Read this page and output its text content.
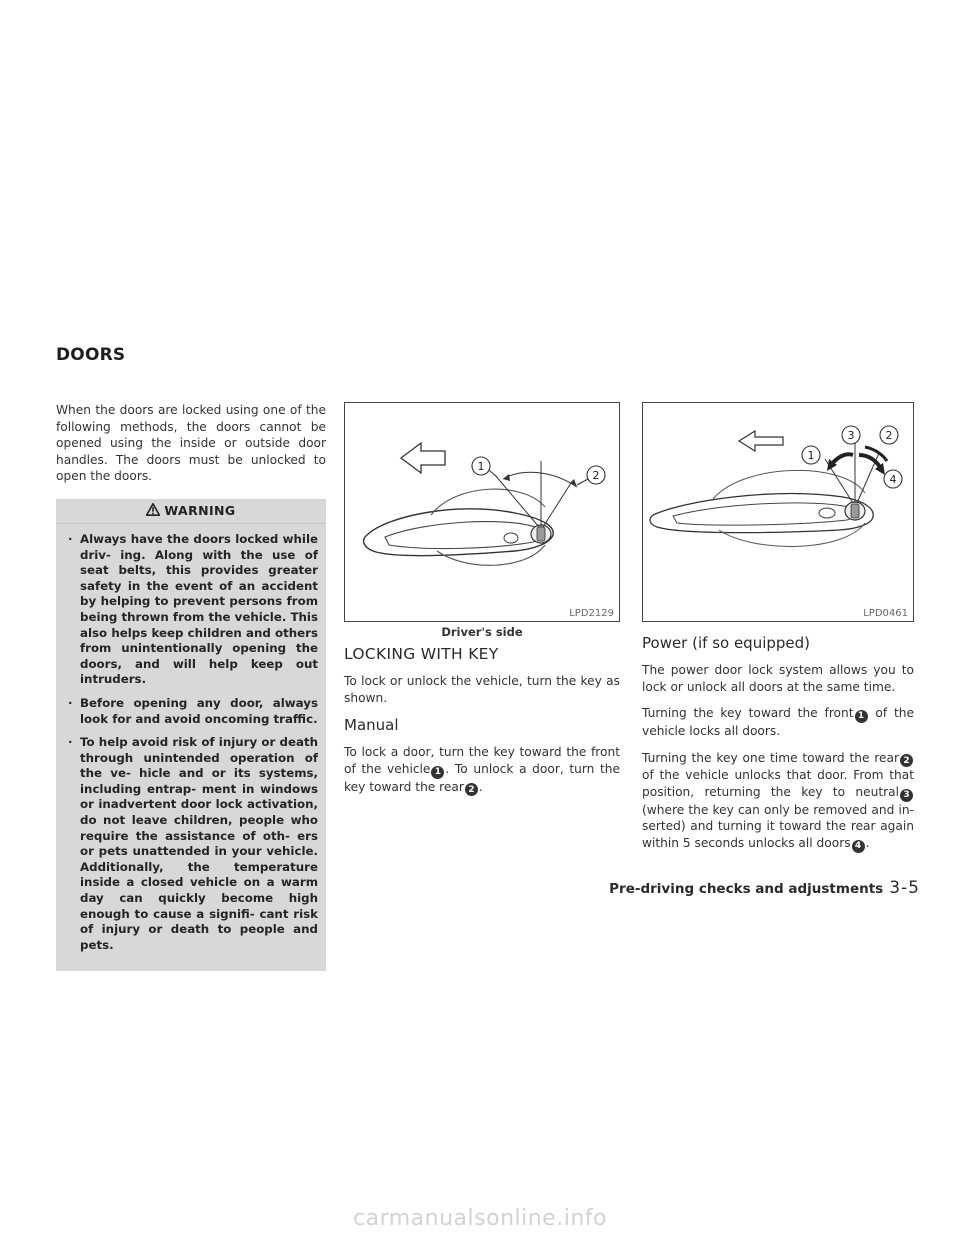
DOORS

When the doors are locked using one of the following methods, the doors cannot be opened using the inside or outside door handles. The doors must be unlocked to open the doors.

WARNING
· Always have the doors locked while driv- ing. Along with the use of seat belts, this provides greater safety in the event of an accident by helping to prevent persons from being thrown from the vehicle. This also helps keep children and others from unintentionally opening the doors, and will help keep out intruders.
· Before opening any door, always look for and avoid oncoming traffic.
· To help avoid risk of injury or death through unintended operation of the ve- hicle and or its systems, including entrap- ment in windows or inadvertent door lock activation, do not leave children, people who require the assistance of oth- ers or pets unattended in your vehicle. Additionally, the temperature inside a closed vehicle on a warm day can quickly become high enough to cause a signifi- cant risk of injury or death to people and pets.
1
2
LPD2129
Driver's side
LOCKING WITH KEY

To lock or unlock the vehicle, turn the key as shown.

Manual

To lock a door, turn the key toward the front of the vehicle 1 . To unlock a door, turn the key toward the rear 2 .

1
2
3
4
LPD0461
Power (if so equipped)

The power door lock system allows you to lock or unlock all doors at the same time.

Turning the key toward the front 1 of the vehicle locks all doors.

Turning the key one time toward the rear 2 of the vehicle unlocks that door. From that position, returning the key to neutral 3 (where the key can only be removed and in- serted) and turning it toward the rear again within 5 seconds unlocks all doors 4 .

Pre-driving checks and adjustments 3-5
carmanualsonline.info
